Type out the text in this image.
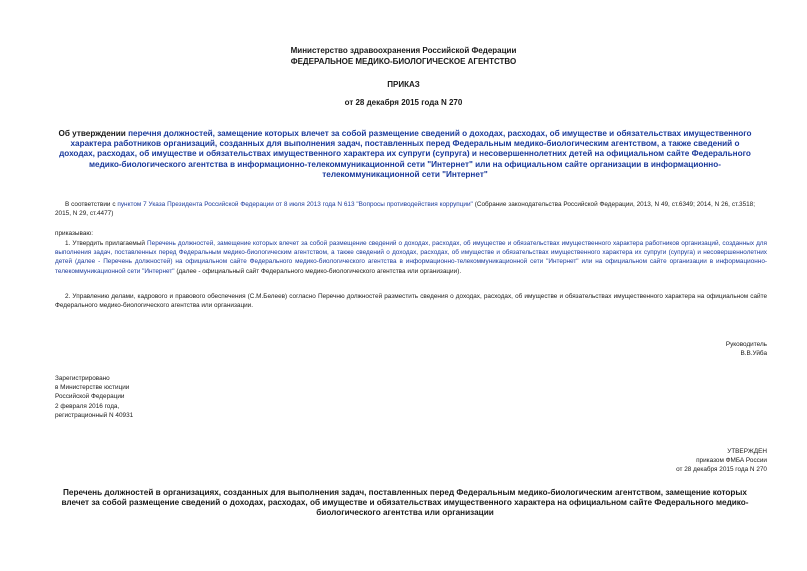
Министерство здравоохранения Российской Федерации
ФЕДЕРАЛЬНОЕ МЕДИКО-БИОЛОГИЧЕСКОЕ АГЕНТСТВО
ПРИКАЗ
от 28 декабря 2015 года N 270
Об утверждении перечня должностей, замещение которых влечет за собой размещение сведений о доходах, расходах, об имуществе и обязательствах имущественного характера работников организаций, созданных для выполнения задач, поставленных перед Федеральным медико-биологическим агентством, а также сведений о доходах, расходах, об имуществе и обязательствах имущественного характера их супруги (супруга) и несовершеннолетних детей на официальном сайте Федерального медико-биологического агентства в информационно-телекоммуникационной сети "Интернет" или на официальном сайте организации в информационно-телекоммуникационной сети "Интернет"
В соответствии с пунктом 7 Указа Президента Российской Федерации от 8 июля 2013 года N 613 "Вопросы противодействия коррупции" (Собрание законодательства Российской Федерации, 2013, N 49, ст.6349; 2014, N 26, ст.3518; 2015, N 29, ст.4477)
приказываю:
1. Утвердить прилагаемый Перечень должностей, замещение которых влечет за собой размещение сведений о доходах, расходах, об имуществе и обязательствах имущественного характера работников организаций, созданных для выполнения задач, поставленных перед Федеральным медико-биологическим агентством, а также сведений о доходах, расходах, об имуществе и обязательствах имущественного характера их супруги (супруга) и несовершеннолетних детей (далее - Перечень должностей) на официальном сайте Федерального медико-биологического агентства в информационно-телекоммуникационной сети "Интернет" или на официальном сайте организации в информационно-телекоммуникационной сети "Интернет" (далее - официальный сайт Федерального медико-биологического агентства или организации).
2. Управлению делами, кадрового и правового обеспечения (С.М.Белеев) согласно Перечню должностей разместить сведения о доходах, расходах, об имуществе и обязательствах имущественного характера на официальном сайте Федерального медико-биологического агентства или организации.
Руководитель
В.В.Уйба
Зарегистрировано
в Министерстве юстиции
Российской Федерации
2 февраля 2016 года,
регистрационный N 40931
УТВЕРЖДЕН
приказом ФМБА России
от 28 декабря 2015 года N 270
Перечень должностей в организациях, созданных для выполнения задач, поставленных перед Федеральным медико-биологическим агентством, замещение которых влечет за собой размещение сведений о доходах, расходах, об имуществе и обязательствах имущественного характера на официальном сайте Федерального медико-биологического агентства или организации
